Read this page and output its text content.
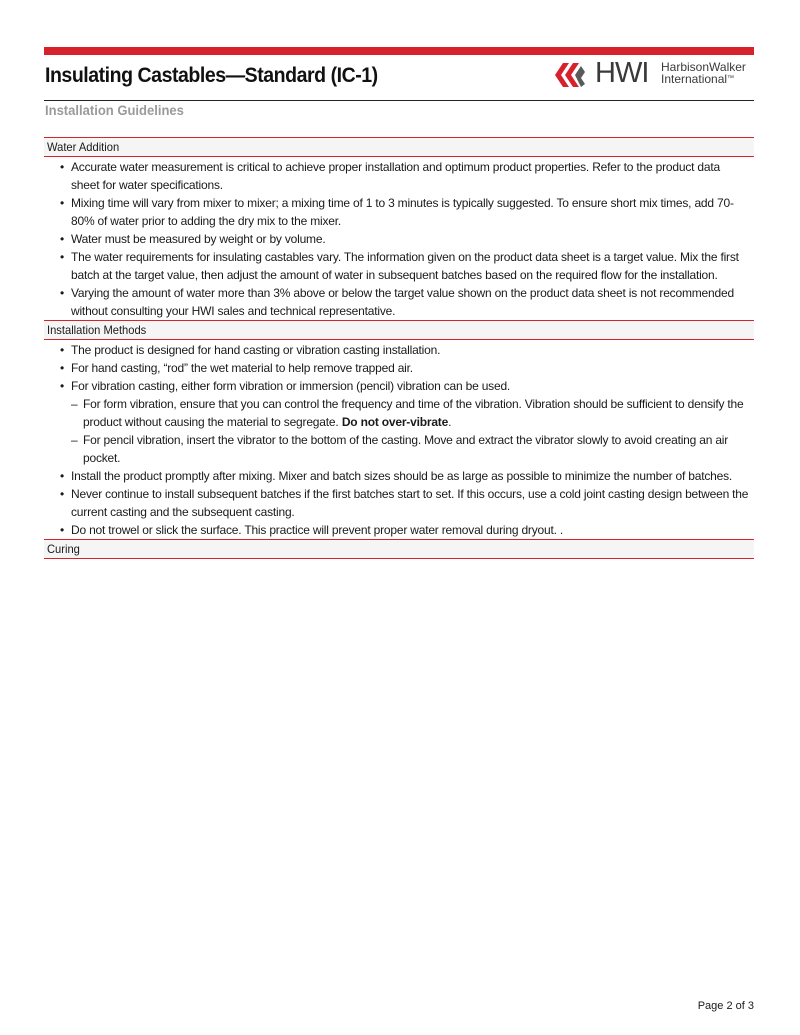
Insulating Castables—Standard (IC-1)	HWI HarbisonWalker
International™
Installation Guidelines
Water Addition
• Accurate water measurement is critical to achieve proper installation and optimum product properties. Refer to the product data sheet for water specifications.
• Mixing time will vary from mixer to mixer; a mixing time of 1 to 3 minutes is typically suggested. To ensure short mix times, add 70-80% of water prior to adding the dry mix to the mixer.
• Water must be measured by weight or by volume.
• The water requirements for insulating castables vary. The information given on the product data sheet is a target value. Mix the first batch at the target value, then adjust the amount of water in subsequent batches based on the required flow for the installation.
• Varying the amount of water more than 3% above or below the target value shown on the product data sheet is not recommended without consulting your HWI sales and technical representative.
Installation Methods
• The product is designed for hand casting or vibration casting installation.
• For hand casting, “rod” the wet material to help remove trapped air.
• For vibration casting, either form vibration or immersion (pencil) vibration can be used.
– For form vibration, ensure that you can control the frequency and time of the vibration. Vibration should be sufficient to densify the product without causing the material to segregate. Do not over-vibrate.
– For pencil vibration, insert the vibrator to the bottom of the casting. Move and extract the vibrator slowly to avoid creating an air pocket.
• Install the product promptly after mixing. Mixer and batch sizes should be as large as possible to minimize the number of batches.
• Never continue to install subsequent batches if the first batches start to set. If this occurs, use a cold joint casting design between the current casting and the subsequent casting.
• Do not trowel or slick the surface. This practice will prevent proper water removal during dryout. .
Curing
Page 2 of 3
